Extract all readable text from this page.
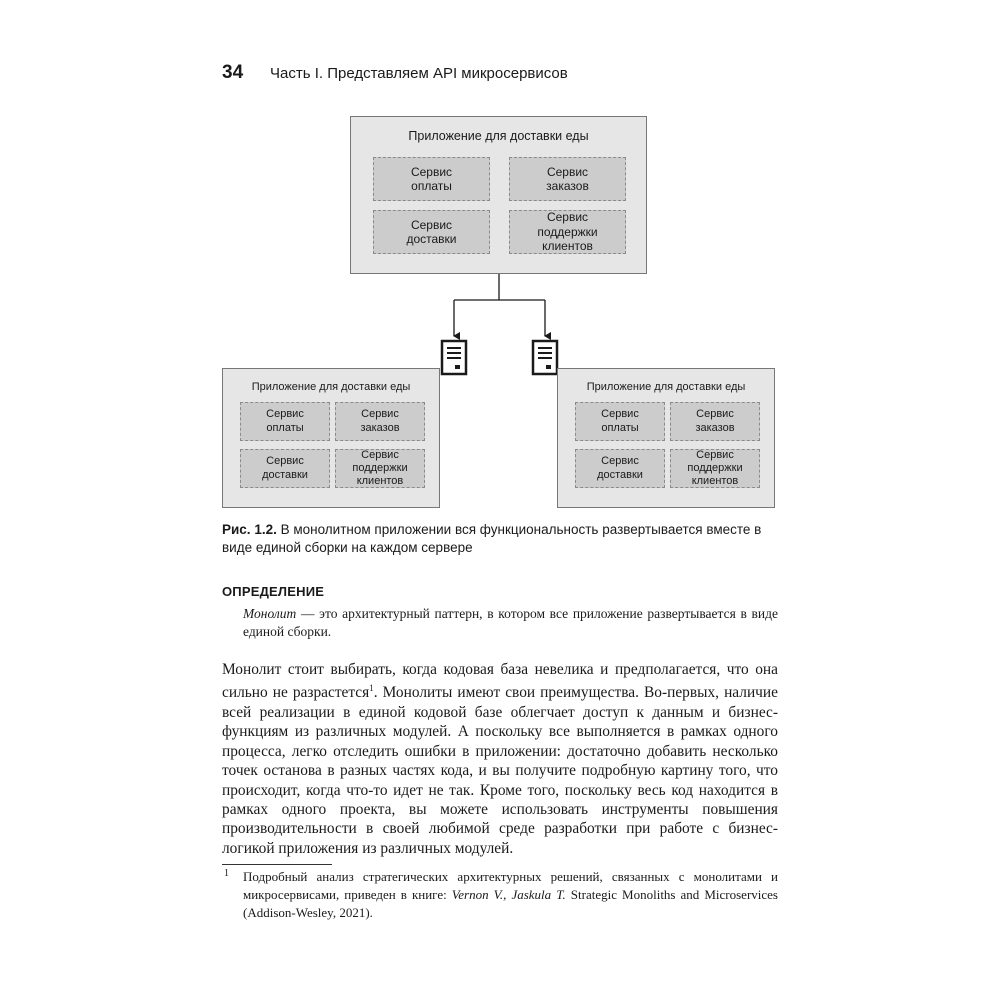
34 Часть I. Представляем API микросервисов
Приложение для доставки еды
Сервис
оплаты
Сервис
заказов
Сервис
доставки
Сервис
поддержки
клиентов
Приложение для доставки еды
Сервис
оплаты
Сервис
заказов
Сервис
доставки
Сервис
поддержки
клиентов
Приложение для доставки еды
Сервис
оплаты
Сервис
заказов
Сервис
доставки
Сервис
поддержки
клиентов
Рис. 1.2. В монолитном приложении вся функциональность развертывается вместе в виде единой сборки на каждом сервере
ОПРЕДЕЛЕНИЕ
Монолит — это архитектурный паттерн, в котором все приложение развертывается в виде единой сборки.
Монолит стоит выбирать, когда кодовая база невелика и предполагается, что она сильно не разрастется$^1$. Монолиты имеют свои преимущества. Во-первых, наличие всей реализации в единой кодовой базе облегчает доступ к данным и бизнес-функциям из различных модулей. А поскольку все выполняется в рамках одного процесса, легко отследить ошибки в приложении: достаточно добавить несколько точек останова в разных частях кода, и вы получите подробную картину того, что происходит, когда что-то идет не так. Кроме того, поскольку весь код находится в рамках одного проекта, вы можете использовать инструменты повышения производительности в своей любимой среде разработки при работе с бизнес-логикой приложения из различных модулей.
1 Подробный анализ стратегических архитектурных решений, связанных с монолитами и микросервисами, приведен в книге: Vernon V., Jaskula T. Strategic Monoliths and Microservices (Addison-Wesley, 2021).
